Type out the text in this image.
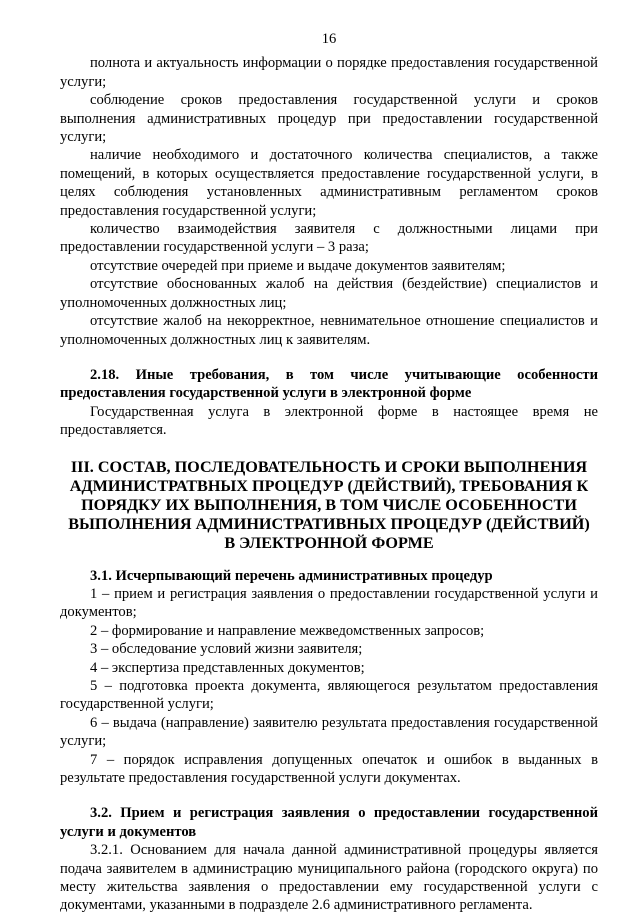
16

полнота и актуальность информации о порядке предоставления государственной услуги;

соблюдение сроков предоставления государственной услуги и сроков выполнения административных процедур при предоставлении государственной услуги;

наличие необходимого и достаточного количества специалистов, а также помещений, в которых осуществляется предоставление государственной услуги, в целях соблюдения установленных административным регламентом сроков предоставления государственной услуги;

количество взаимодействия заявителя с должностными лицами при предоставлении государственной услуги – 3 раза;

отсутствие очередей при приеме и выдаче документов заявителям;

отсутствие обоснованных жалоб на действия (бездействие) специалистов и уполномоченных должностных лиц;

отсутствие жалоб на некорректное, невнимательное отношение специалистов и уполномоченных должностных лиц к заявителям.

2.18. Иные требования, в том числе учитывающие особенности предоставления государственной услуги в электронной форме

Государственная услуга в электронной форме в настоящее время не предоставляется.

III. СОСТАВ, ПОСЛЕДОВАТЕЛЬНОСТЬ И СРОКИ ВЫПОЛНЕНИЯ АДМИНИСТРАТВНЫХ ПРОЦЕДУР (ДЕЙСТВИЙ), ТРЕБОВАНИЯ К ПОРЯДКУ ИХ ВЫПОЛНЕНИЯ, В ТОМ ЧИСЛЕ ОСОБЕННОСТИ ВЫПОЛНЕНИЯ АДМИНИСТРАТИВНЫХ ПРОЦЕДУР (ДЕЙСТВИЙ) В ЭЛЕКТРОННОЙ ФОРМЕ

3.1. Исчерпывающий перечень административных процедур

1 – прием и регистрация заявления о предоставлении государственной услуги и документов;

2 – формирование и направление межведомственных запросов;

3 – обследование условий жизни заявителя;

4 – экспертиза представленных документов;

5 – подготовка проекта документа, являющегося результатом предоставления государственной услуги;

6 – выдача (направление) заявителю результата предоставления государственной услуги;

7 – порядок исправления допущенных опечаток и ошибок в выданных в результате предоставления государственной услуги документах.

3.2. Прием и регистрация заявления о предоставлении государственной услуги и документов

3.2.1. Основанием для начала данной административной процедуры является подача заявителем в администрацию муниципального района (городского округа) по месту жительства заявления о предоставлении ему государственной услуги с документами, указанными в подразделе 2.6 административного регламента.
